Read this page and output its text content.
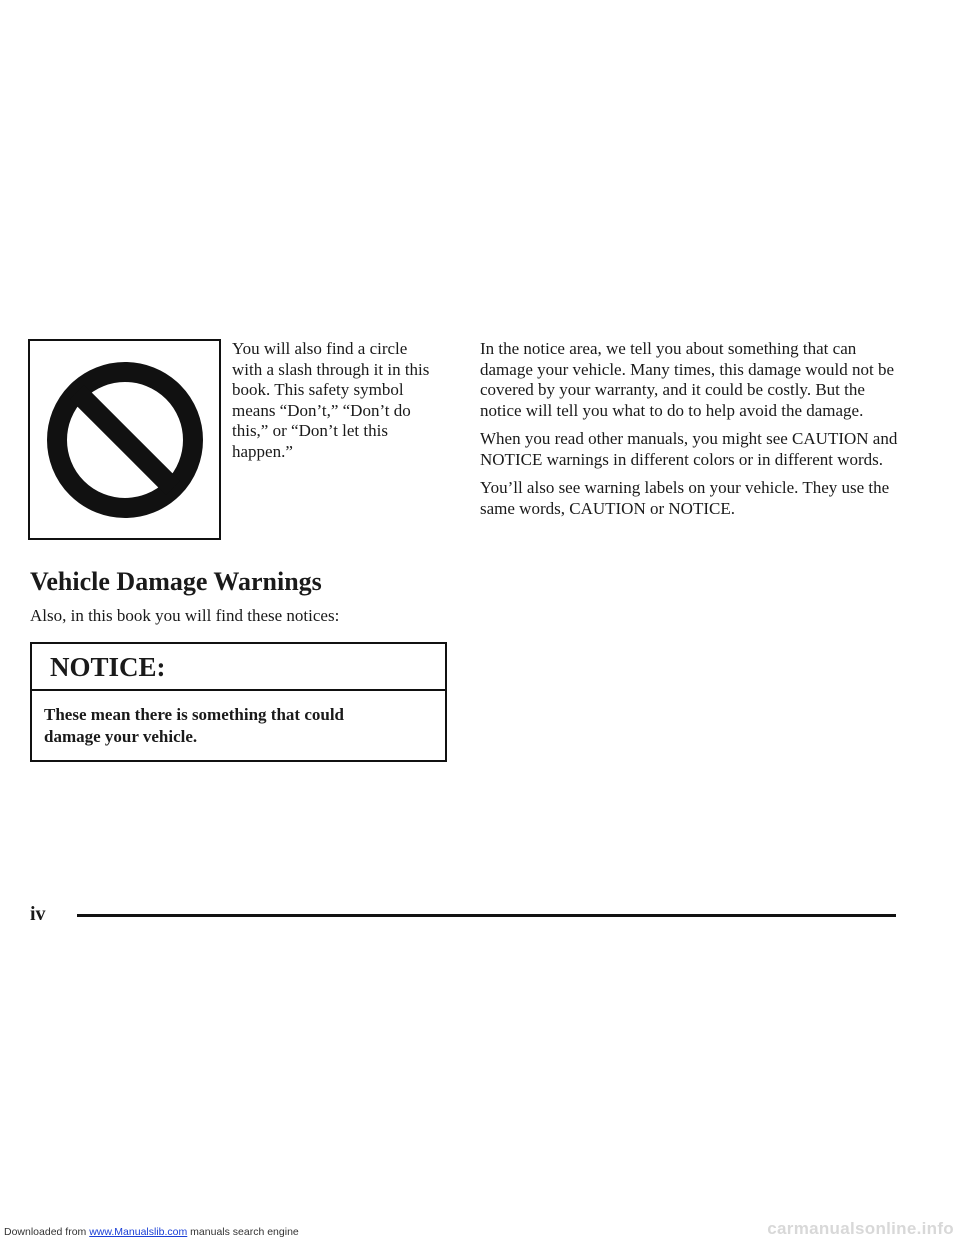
You will also find a circle with a slash through it in this book. This safety symbol means “Don’t,” “Don’t do this,” or “Don’t let this happen.”
Vehicle Damage Warnings
Also, in this book you will find these notices:
NOTICE:
These mean there is something that could
damage your vehicle.

In the notice area, we tell you about something that can damage your vehicle. Many times, this damage would not be covered by your warranty, and it could be costly. But the notice will tell you what to do to help avoid the damage.

When you read other manuals, you might see CAUTION and NOTICE warnings in different colors or in different words.

You’ll also see warning labels on your vehicle. They use the same words, CAUTION or NOTICE.

iv
Downloaded from www.Manualslib.com manuals search engine	carmanualsonline.info
